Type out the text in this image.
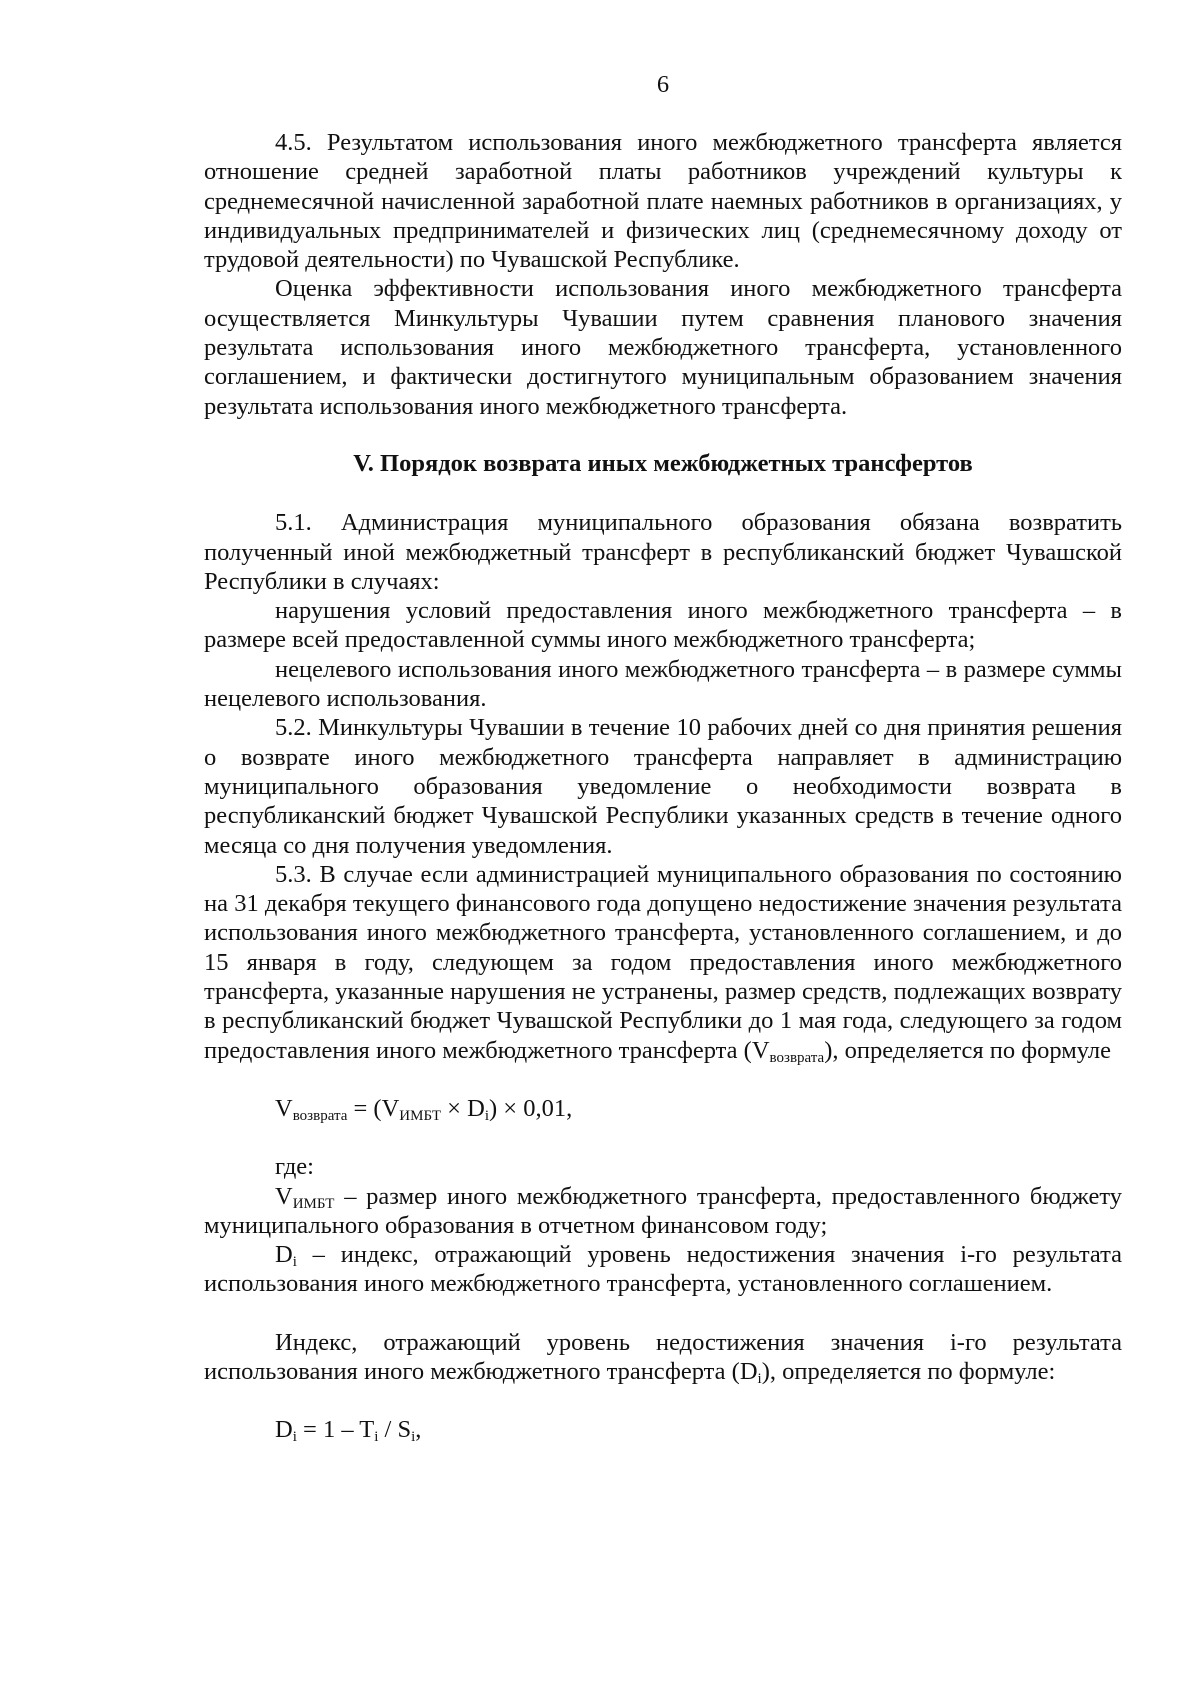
6

4.5. Результатом использования иного межбюджетного трансферта является отношение средней заработной платы работников учреждений культуры к среднемесячной начисленной заработной плате наемных работников в организациях, у индивидуальных предпринимателей и физических лиц (среднемесячному доходу от трудовой деятельности) по Чувашской Республике.

Оценка эффективности использования иного межбюджетного трансферта осуществляется Минкультуры Чувашии путем сравнения планового значения результата использования иного межбюджетного трансферта, установленного соглашением, и фактически достигнутого муниципальным образованием значения результата использования иного межбюджетного трансферта.

V. Порядок возврата иных межбюджетных трансфертов

5.1. Администрация муниципального образования обязана возвратить полученный иной межбюджетный трансферт в республиканский бюджет Чувашской Республики в случаях:

нарушения условий предоставления иного межбюджетного трансферта – в размере всей предоставленной суммы иного межбюджетного трансферта;

нецелевого использования иного межбюджетного трансферта – в размере суммы нецелевого использования.

5.2. Минкультуры Чувашии в течение 10 рабочих дней со дня принятия решения о возврате иного межбюджетного трансферта направляет в администрацию муниципального образования уведомление о необходимости возврата в республиканский бюджет Чувашской Республики указанных средств в течение одного месяца со дня получения уведомления.

5.3. В случае если администрацией муниципального образования по состоянию на 31 декабря текущего финансового года допущено недостижение значения результата использования иного межбюджетного трансферта, установленного соглашением, и до 15 января в году, следующем за годом предоставления иного межбюджетного трансферта, указанные нарушения не устранены, размер средств, подлежащих возврату в республиканский бюджет Чувашской Республики до 1 мая года, следующего за годом предоставления иного межбюджетного трансферта $(V_{возврата})$, определяется по формуле

$V_{возврата} = (V_{ИМБТ} \times D_i) \times 0,01$,

где:

$V_{ИМБТ}$ – размер иного межбюджетного трансферта, предоставленного бюджету муниципального образования в отчетном финансовом году;

$D_i$ – индекс, отражающий уровень недостижения значения i-го результата использования иного межбюджетного трансферта, установленного соглашением.

Индекс, отражающий уровень недостижения значения i-го результата использования иного межбюджетного трансферта $(D_i)$, определяется по формуле:

$D_i = 1 - T_i / S_i$,
